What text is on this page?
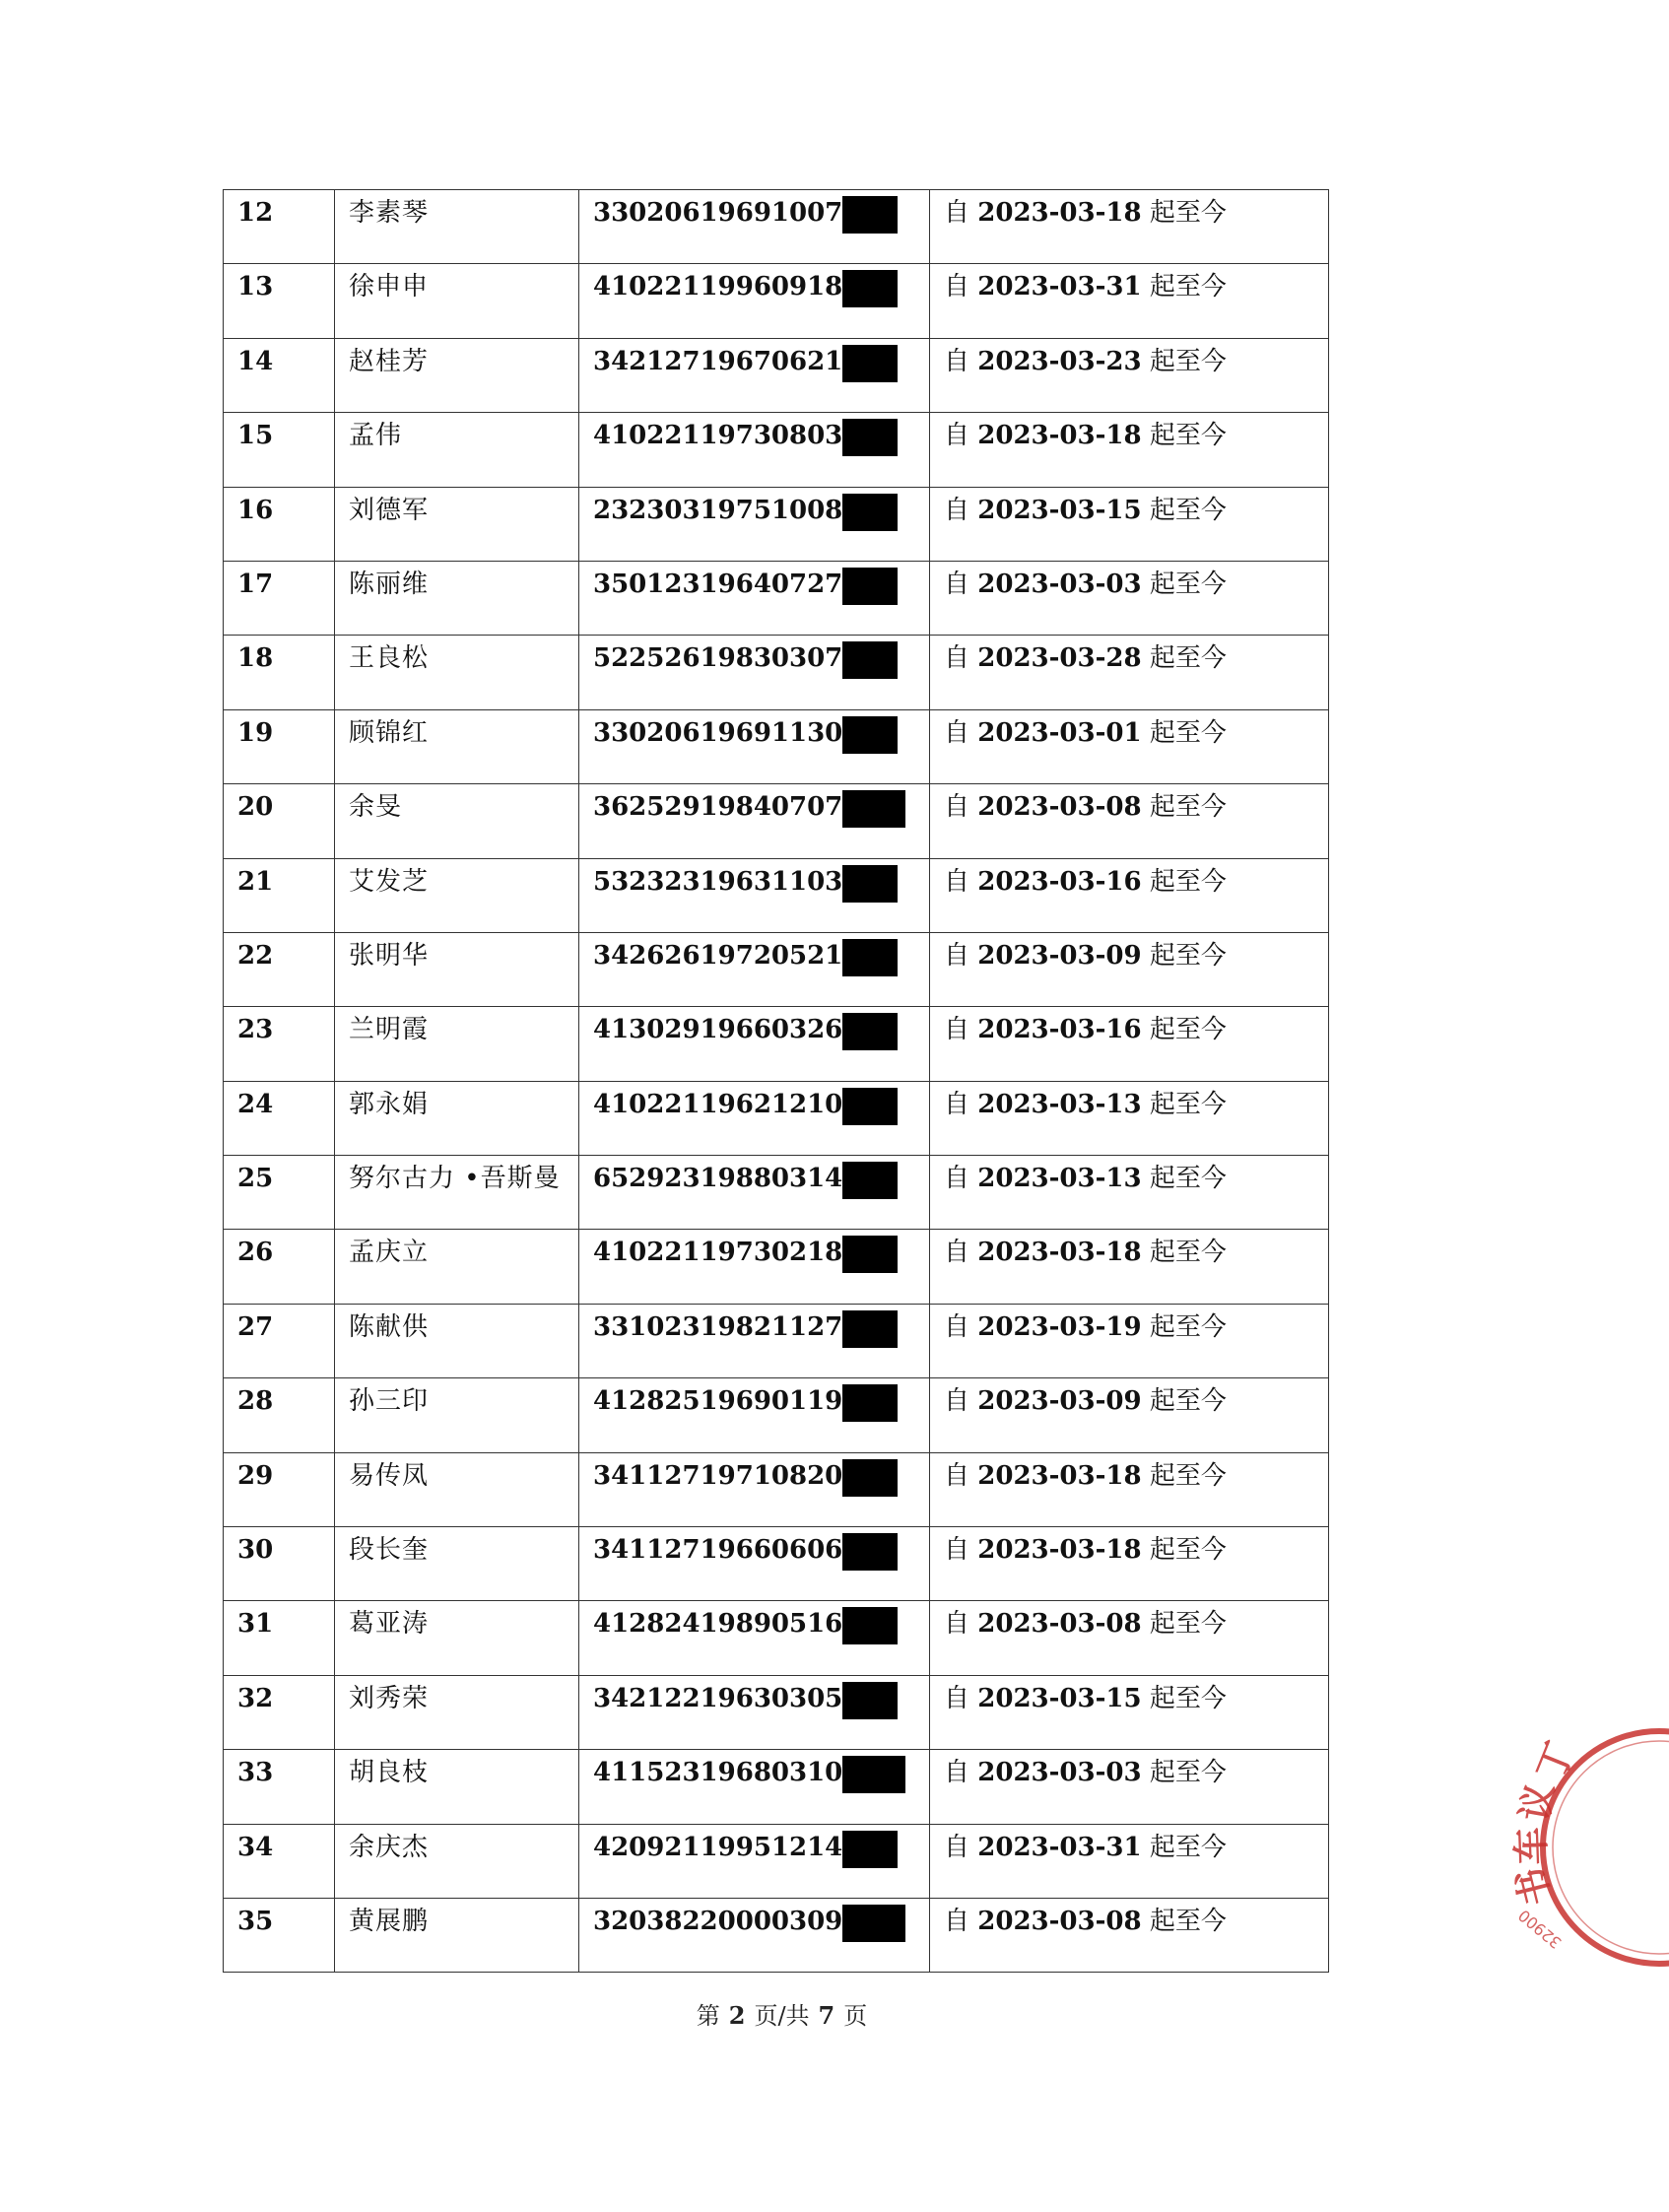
12	李素琴	33020619691007	自 2023-03-18 起至今

13	徐申申	41022119960918	自 2023-03-31 起至今

14	赵桂芳	34212719670621	自 2023-03-23 起至今

15	孟伟	41022119730803	自 2023-03-18 起至今

16	刘德军	23230319751008	自 2023-03-15 起至今

17	陈丽维	35012319640727	自 2023-03-03 起至今

18	王良松	52252619830307	自 2023-03-28 起至今

19	顾锦红	33020619691130	自 2023-03-01 起至今

20	余旻	36252919840707	自 2023-03-08 起至今

21	艾发芝	53232319631103	自 2023-03-16 起至今

22	张明华	34262619720521	自 2023-03-09 起至今

23	兰明霞	41302919660326	自 2023-03-16 起至今

24	郭永娟	41022119621210	自 2023-03-13 起至今

25	努尔古力 •吾斯曼	65292319880314	自 2023-03-13 起至今

26	孟庆立	41022119730218	自 2023-03-18 起至今

27	陈献供	33102319821127	自 2023-03-19 起至今

28	孙三印	41282519690119	自 2023-03-09 起至今

29	易传凤	34112719710820	自 2023-03-18 起至今

30	段长奎	34112719660606	自 2023-03-18 起至今

31	葛亚涛	41282419890516	自 2023-03-08 起至今

32	刘秀荣	34212219630305	自 2023-03-15 起至今

33	胡良枝	41152319680310	自 2023-03-03 起至今

34	余庆杰	42092119951214	自 2023-03-31 起至今

35	黄展鹏	32038220000309	自 2023-03-08 起至今
第 2 页/共 7 页
丁
议
车
书
32900
